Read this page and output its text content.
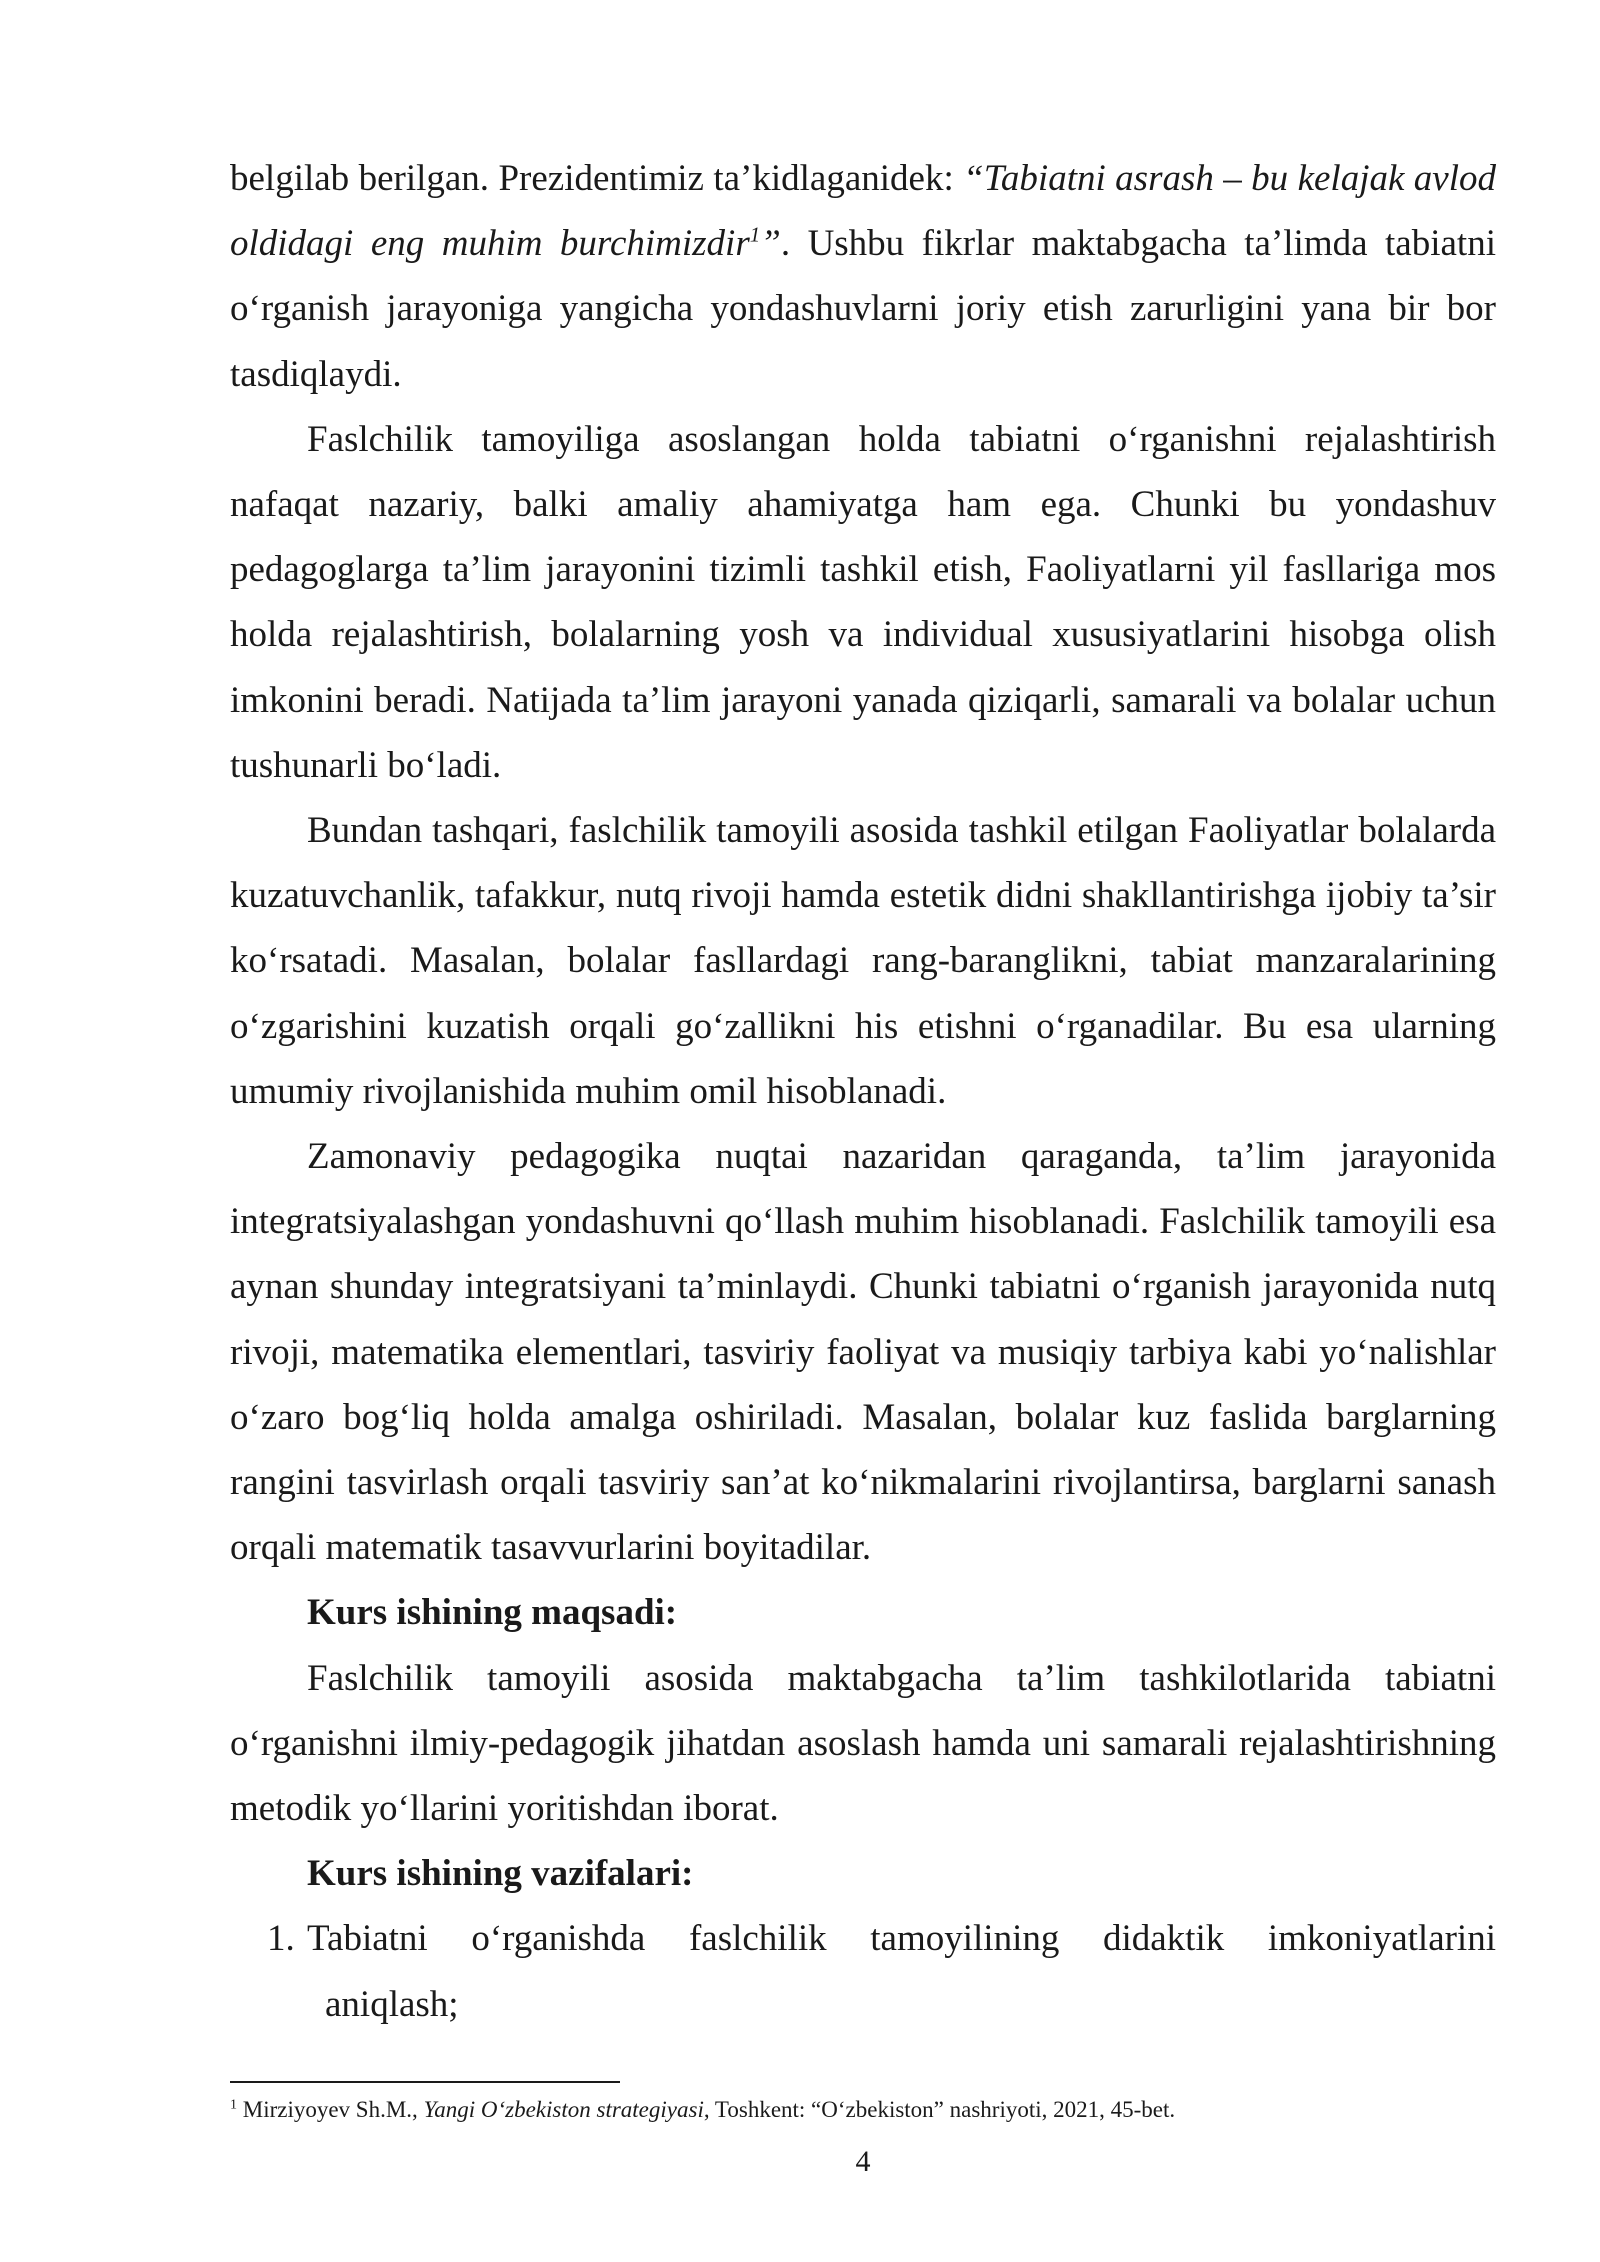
belgilab berilgan. Prezidentimiz ta’kidlaganidek: “Tabiatni asrash – bu kelajak avlod oldidagi eng muhim burchimizdir$^1$”. Ushbu fikrlar maktabgacha ta’limda tabiatni o‘rganish jarayoniga yangicha yondashuvlarni joriy etish zarurligini yana bir bor tasdiqlaydi.

Faslchilik tamoyiliga asoslangan holda tabiatni o‘rganishni rejalashtirish nafaqat nazariy, balki amaliy ahamiyatga ham ega. Chunki bu yondashuv pedagoglarga ta’lim jarayonini tizimli tashkil etish, Faoliyatlarni yil fasllariga mos holda rejalashtirish, bolalarning yosh va individual xususiyatlarini hisobga olish imkonini beradi. Natijada ta’lim jarayoni yanada qiziqarli, samarali va bolalar uchun tushunarli bo‘ladi.

Bundan tashqari, faslchilik tamoyili asosida tashkil etilgan Faoliyatlar bolalarda kuzatuvchanlik, tafakkur, nutq rivoji hamda estetik didni shakllantirishga ijobiy ta’sir ko‘rsatadi. Masalan, bolalar fasllardagi rang-baranglikni, tabiat manzaralarining o‘zgarishini kuzatish orqali go‘zallikni his etishni o‘rganadilar. Bu esa ularning umumiy rivojlanishida muhim omil hisoblanadi.

Zamonaviy pedagogika nuqtai nazaridan qaraganda, ta’lim jarayonida integratsiyalashgan yondashuvni qo‘llash muhim hisoblanadi. Faslchilik tamoyili esa aynan shunday integratsiyani ta’minlaydi. Chunki tabiatni o‘rganish jarayonida nutq rivoji, matematika elementlari, tasviriy faoliyat va musiqiy tarbiya kabi yo‘nalishlar o‘zaro bog‘liq holda amalga oshiriladi. Masalan, bolalar kuz faslida barglarning rangini tasvirlash orqali tasviriy san’at ko‘nikmalarini rivojlantirsa, barglarni sanash orqali matematik tasavvurlarini boyitadilar.

Kurs ishining maqsadi:

Faslchilik tamoyili asosida maktabgacha ta’lim tashkilotlarida tabiatni o‘rganishni ilmiy-pedagogik jihatdan asoslash hamda uni samarali rejalashtirishning metodik yo‘llarini yoritishdan iborat.

Kurs ishining vazifalari:

1. Tabiatni o‘rganishda faslchilik tamoyilining didaktik imkoniyatlarini
aniqlash;
$^1$ Mirziyoyev Sh.M., Yangi O‘zbekiston strategiyasi, Toshkent: “O‘zbekiston” nashriyoti, 2021, 45-bet.
4
